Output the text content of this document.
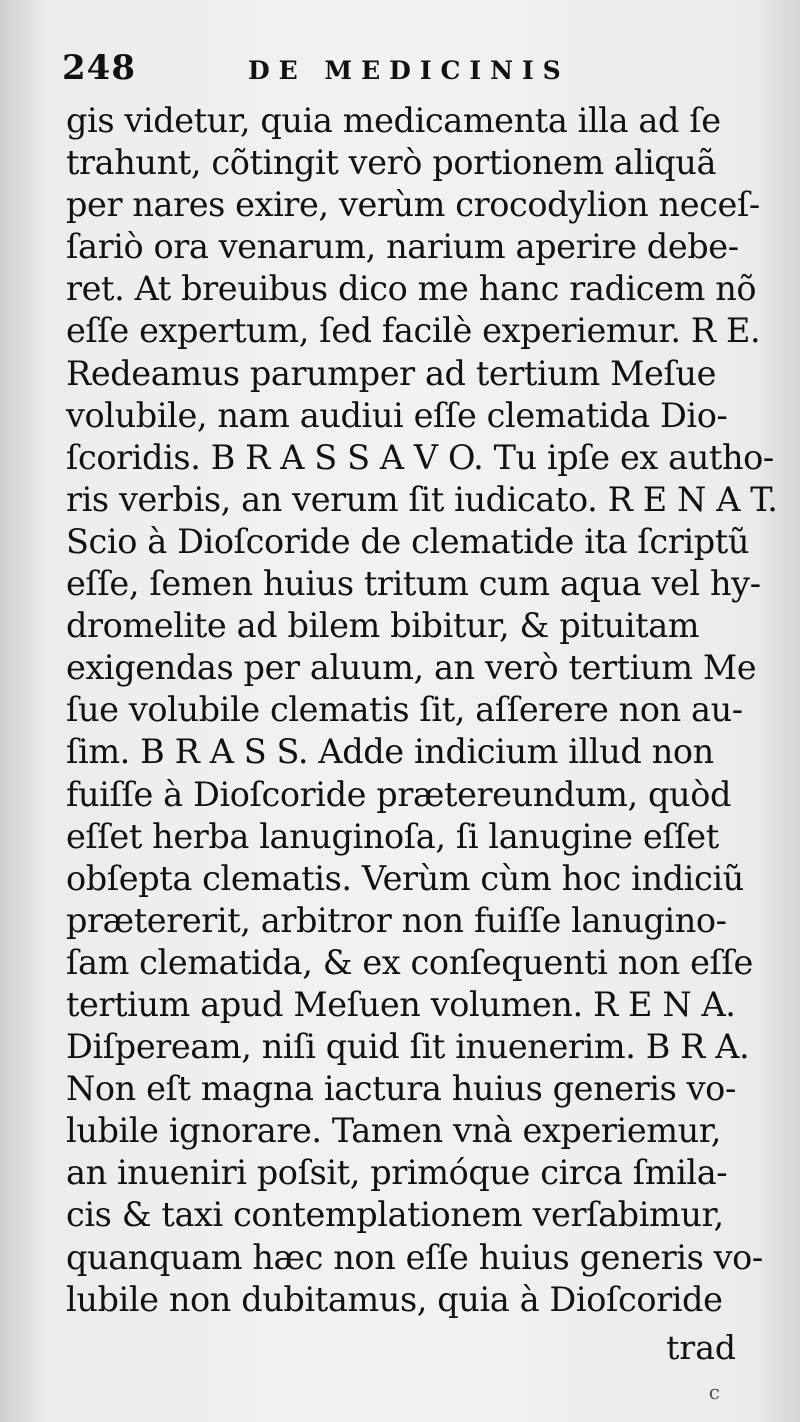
248	DE MEDICINIS
gis videtur, quia medicamenta illa ad ſe
trahunt, cõtingit verò portionem aliquã
per nares exire, verùm crocodylion neceſ-
ſariò ora venarum, narium aperire debe-
ret. At breuibus dico me hanc radicem nõ
eſſe expertum, ſed facilè experiemur. R E.
Redeamus parumper ad tertium Meſue
volubile, nam audiui eſſe clematida Dio-
ſcoridis. B R A S S A V O. Tu ipſe ex autho-
ris verbis, an verum ſit iudicato. R E N A T.
Scio à Dioſcoride de clematide ita ſcriptũ
eſſe, ſemen huius tritum cum aqua vel hy-
dromelite ad bilem bibitur, & pituitam
exigendas per aluum, an verò tertium Me
ſue volubile clematis ſit, aſſerere non au-
ſim. B R A S S. Adde indicium illud non
fuiſſe à Dioſcoride prætereundum, quòd
eſſet herba lanuginoſa, ſi lanugine eſſet
obſepta clematis. Verùm cùm hoc indiciũ
prætererit, arbitror non fuiſſe lanugino-
ſam clematida, & ex conſequenti non eſſe
tertium apud Meſuen volumen. R E N A.
Diſpeream, niſi quid ſit inuenerim. B R A.
Non eſt magna iactura huius generis vo-
lubile ignorare. Tamen vnà experiemur,
an inueniri poſsit, primóque circa ſmila-
cis & taxi contemplationem verſabimur,
quanquam hæc non eſſe huius generis vo-
lubile non dubitamus, quia à Dioſcoride
trad
c
